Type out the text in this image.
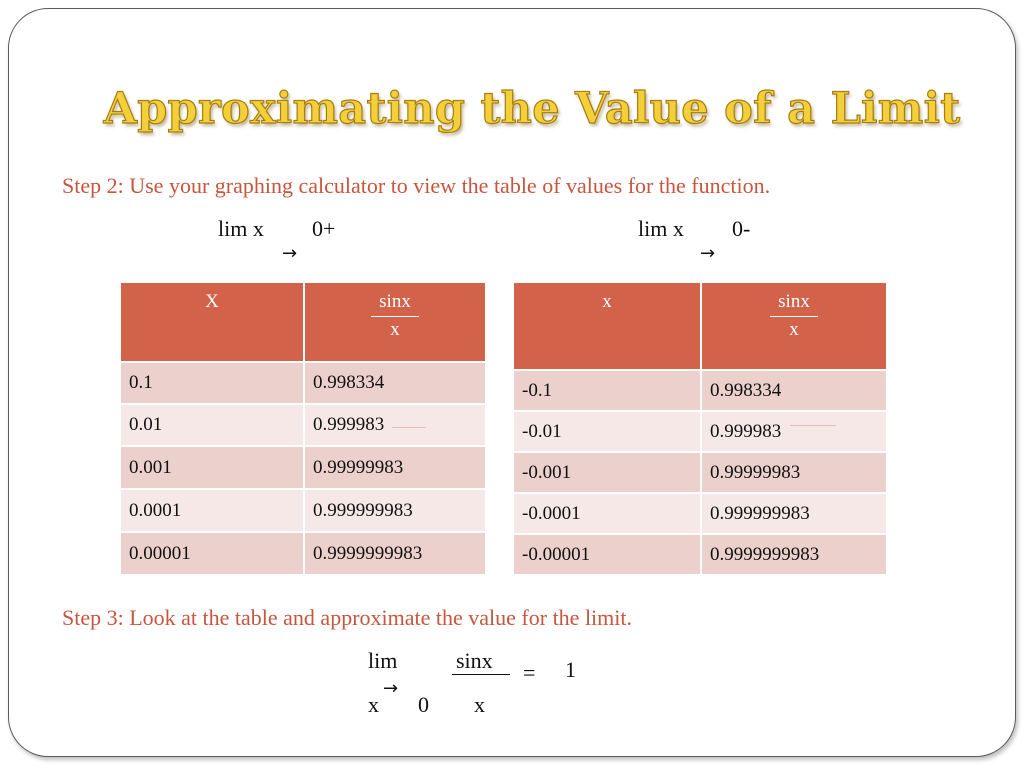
Approximating the Value of a Limit
Step 2: Use your graphing calculator to view the table of values for the function.
lim x 0+
→
lim x 0-
→
X	$\frac{\sin x}{x}$

0.1	0.998334
0.01	0.999983
0.001	0.99999983
0.0001	0.999999983
0.00001	0.9999999983
x	$\frac{\sin x}{x}$

-0.1	0.998334
-0.01	0.999983
-0.001	0.99999983
-0.0001	0.999999983
-0.00001	0.9999999983
Step 3: Look at the table and approximate the value for the limit.
lim
x
→
0
sinx
x
= 1
